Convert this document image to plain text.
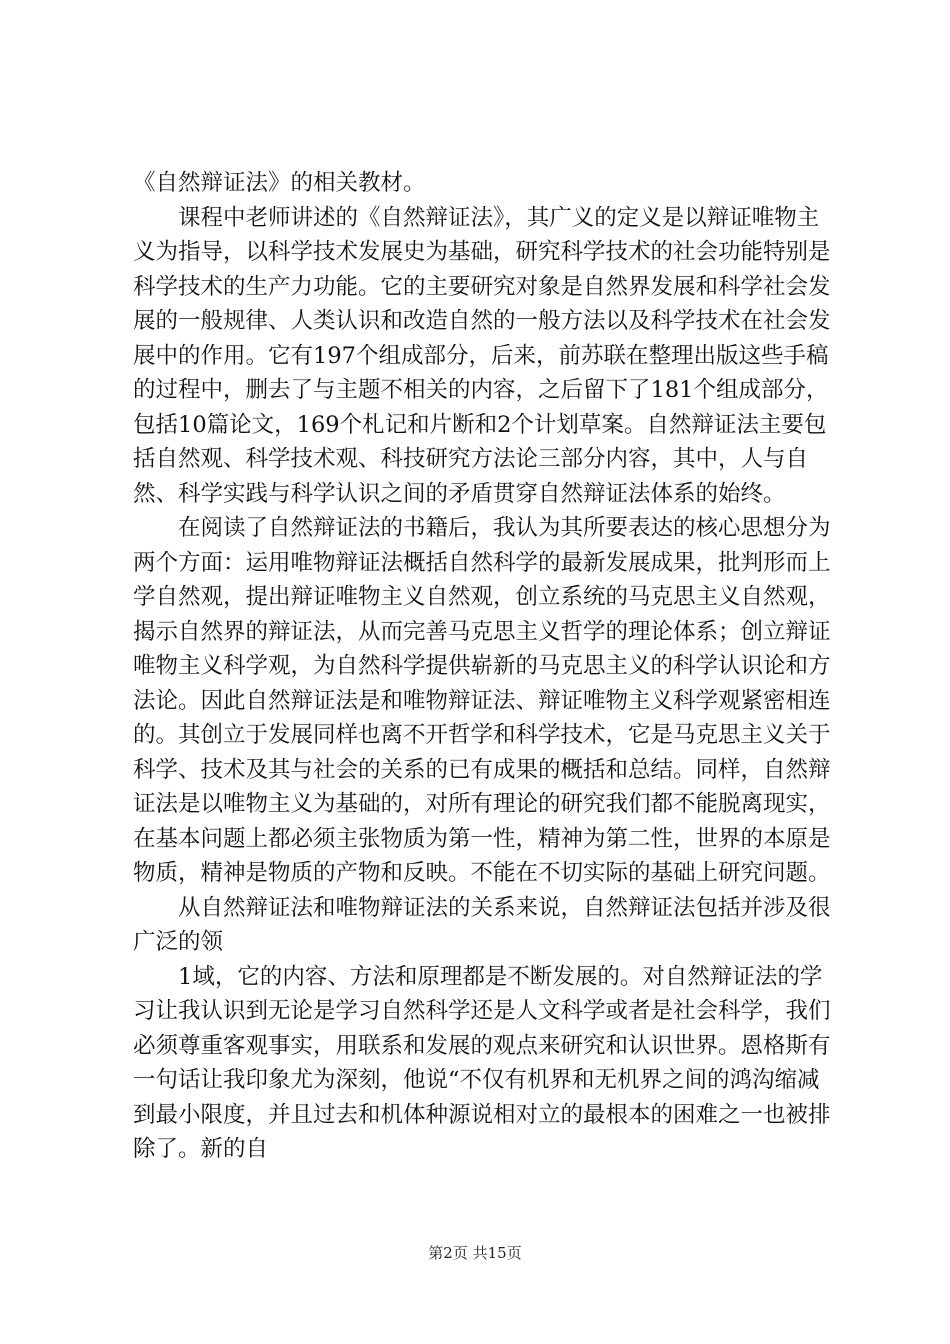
《自然辩证法》的相关教材。

课程中老师讲述的《自然辩证法》，其广义的定义是以辩证唯物主义为指导，以科学技术发展史为基础，研究科学技术的社会功能特别是科学技术的生产力功能。它的主要研究对象是自然界发展和科学社会发展的一般规律、人类认识和改造自然的一般方法以及科学技术在社会发展中的作用。它有197个组成部分，后来，前苏联在整理出版这些手稿的过程中，删去了与主题不相关的内容，之后留下了181个组成部分，包括10篇论文，169个札记和片断和2个计划草案。自然辩证法主要包括自然观、科学技术观、科技研究方法论三部分内容，其中，人与自然、科学实践与科学认识之间的矛盾贯穿自然辩证法体系的始终。

在阅读了自然辩证法的书籍后，我认为其所要表达的核心思想分为两个方面：运用唯物辩证法概括自然科学的最新发展成果，批判形而上学自然观，提出辩证唯物主义自然观，创立系统的马克思主义自然观，揭示自然界的辩证法，从而完善马克思主义哲学的理论体系；创立辩证唯物主义科学观，为自然科学提供崭新的马克思主义的科学认识论和方法论。因此自然辩证法是和唯物辩证法、辩证唯物主义科学观紧密相连的。其创立于发展同样也离不开哲学和科学技术，它是马克思主义关于科学、技术及其与社会的关系的已有成果的概括和总结。同样，自然辩证法是以唯物主义为基础的，对所有理论的研究我们都不能脱离现实，在基本问题上都必须主张物质为第一性，精神为第二性，世界的本原是物质，精神是物质的产物和反映。不能在不切实际的基础上研究问题。

从自然辩证法和唯物辩证法的关系来说，自然辩证法包括并涉及很广泛的领

1域，它的内容、方法和原理都是不断发展的。对自然辩证法的学习让我认识到无论是学习自然科学还是人文科学或者是社会科学，我们必须尊重客观事实，用联系和发展的观点来研究和认识世界。恩格斯有一句话让我印象尤为深刻，他说“不仅有机界和无机界之间的鸿沟缩减到最小限度，并且过去和机体种源说相对立的最根本的困难之一也被排除了。新的自

第2页 共15页
